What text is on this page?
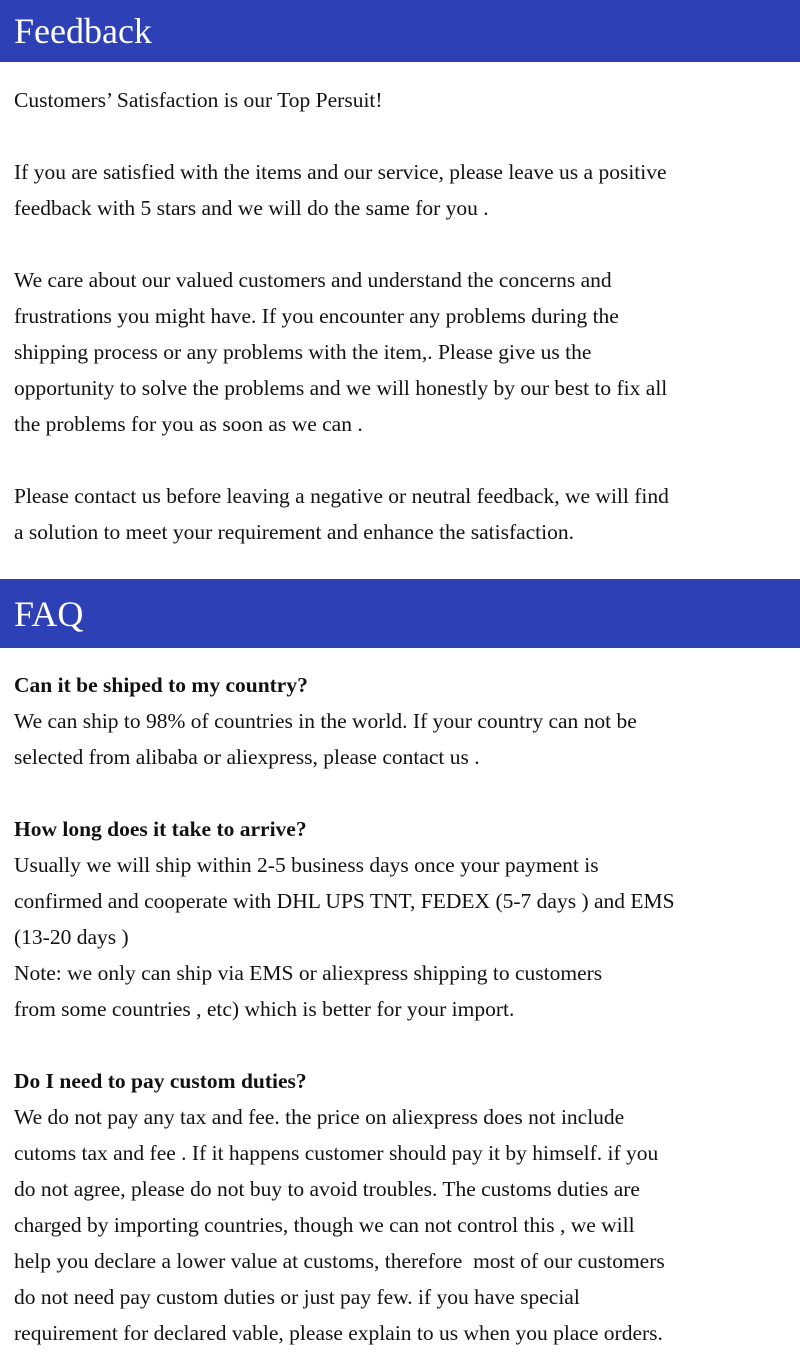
Feedback
Customers’ Satisfaction is our Top Persuit!
If you are satisfied with the items and our service, please leave us a positive
feedback with 5 stars and we will do the same for you .
We care about our valued customers and understand the concerns and
frustrations you might have. If you encounter any problems during the
shipping process or any problems with the item,. Please give us the
opportunity to solve the problems and we will honestly by our best to fix all
the problems for you as soon as we can .
Please contact us before leaving a negative or neutral feedback, we will find
a solution to meet your requirement and enhance the satisfaction.
FAQ
Can it be shiped to my country?
We can ship to 98% of countries in the world. If your country can not be
selected from alibaba or aliexpress, please contact us .
How long does it take to arrive?
Usually we will ship within 2-5 business days once your payment is
confirmed and cooperate with DHL UPS TNT, FEDEX (5-7 days ) and EMS
(13-20 days )
Note: we only can ship via EMS or aliexpress shipping to customers
from some countries , etc) which is better for your import.
Do I need to pay custom duties?
We do not pay any tax and fee. the price on aliexpress does not include
cutoms tax and fee . If it happens customer should pay it by himself. if you
do not agree, please do not buy to avoid troubles. The customs duties are
charged by importing countries, though we can not control this , we will
help you declare a lower value at customs, therefore  most of our customers
do not need pay custom duties or just pay few. if you have special
requirement for declared vable, please explain to us when you place orders.
